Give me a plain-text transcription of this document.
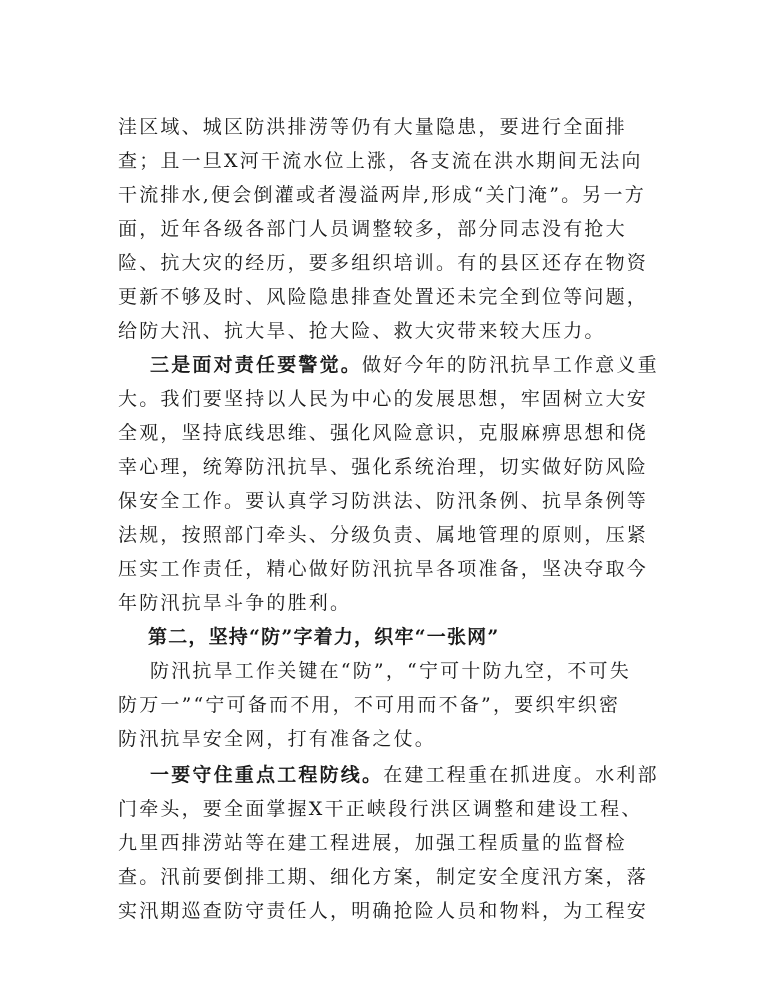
洼区域、城区防洪排涝等仍有大量隐患，要进行全面排
查；且一旦Ⅹ河干流水位上涨，各支流在洪水期间无法向
干流排水,便会倒灌或者漫溢两岸,形成“关门淹”。另一方
面，近年各级各部门人员调整较多，部分同志没有抢大
险、抗大灾的经历，要多组织培训。有的县区还存在物资
更新不够及时、风险隐患排查处置还未完全到位等问题，
给防大汛、抗大旱、抢大险、救大灾带来较大压力。
三是面对责任要警觉。做好今年的防汛抗旱工作意义重
大。我们要坚持以人民为中心的发展思想，牢固树立大安
全观，坚持底线思维、强化风险意识，克服麻痹思想和侥
幸心理，统筹防汛抗旱、强化系统治理，切实做好防风险
保安全工作。要认真学习防洪法、防汛条例、抗旱条例等
法规，按照部门牵头、分级负责、属地管理的原则，压紧
压实工作责任，精心做好防汛抗旱各项准备，坚决夺取今
年防汛抗旱斗争的胜利。
第二，坚持“防”字着力，织牢“一张网”
防汛抗旱工作关键在“防”，“宁可十防九空，不可失
防万一”“宁可备而不用，不可用而不备”，要织牢织密
防汛抗旱安全网，打有准备之仗。
一要守住重点工程防线。在建工程重在抓进度。水利部
门牵头，要全面掌握Ⅹ干正峡段行洪区调整和建设工程、
九里西排涝站等在建工程进展，加强工程质量的监督检
查。汛前要倒排工期、细化方案，制定安全度汛方案，落
实汛期巡查防守责任人，明确抢险人员和物料，为工程安
